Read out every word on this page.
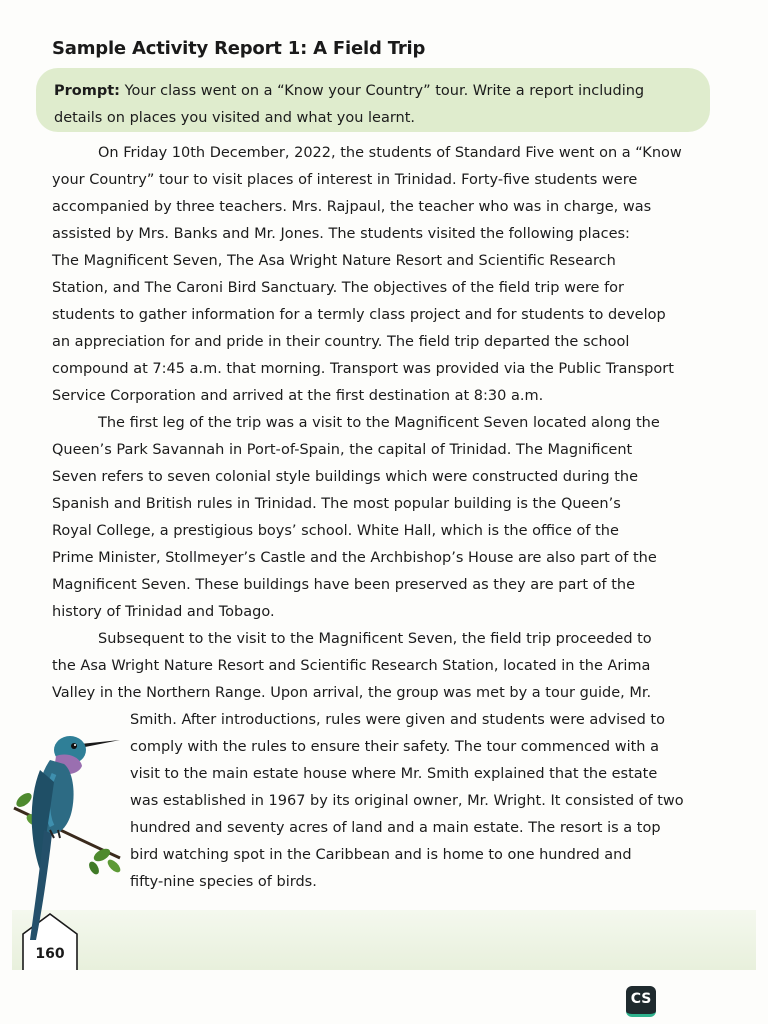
Sample Activity Report 1: A Field Trip
Prompt: Your class went on a “Know your Country” tour. Write a report including
details on places you visited and what you learnt.
On Friday 10th December, 2022, the students of Standard Five went on a “Know
your Country” tour to visit places of interest in Trinidad. Forty-five students were
accompanied by three teachers. Mrs. Rajpaul, the teacher who was in charge, was
assisted by Mrs. Banks and Mr. Jones. The students visited the following places:
The Magnificent Seven, The Asa Wright Nature Resort and Scientific Research
Station, and The Caroni Bird Sanctuary. The objectives of the field trip were for
students to gather information for a termly class project and for students to develop
an appreciation for and pride in their country. The field trip departed the school
compound at 7:45 a.m. that morning. Transport was provided via the Public Transport
Service Corporation and arrived at the first destination at 8:30 a.m.
The first leg of the trip was a visit to the Magnificent Seven located along the
Queen’s Park Savannah in Port-of-Spain, the capital of Trinidad. The Magnificent
Seven refers to seven colonial style buildings which were constructed during the
Spanish and British rules in Trinidad. The most popular building is the Queen’s
Royal College, a prestigious boys’ school. White Hall, which is the office of the
Prime Minister, Stollmeyer’s Castle and the Archbishop’s House are also part of the
Magnificent Seven. These buildings have been preserved as they are part of the
history of Trinidad and Tobago.
Subsequent to the visit to the Magnificent Seven, the field trip proceeded to
the Asa Wright Nature Resort and Scientific Research Station, located in the Arima
Valley in the Northern Range. Upon arrival, the group was met by a tour guide, Mr.
Smith. After introductions, rules were given and students were advised to
comply with the rules to ensure their safety. The tour commenced with a
visit to the main estate house where Mr. Smith explained that the estate
was established in 1967 by its original owner, Mr. Wright. It consisted of two
hundred and seventy acres of land and a main estate. The resort is a top
bird watching spot in the Caribbean and is home to one hundred and
fifty-nine species of birds.
160
CS
